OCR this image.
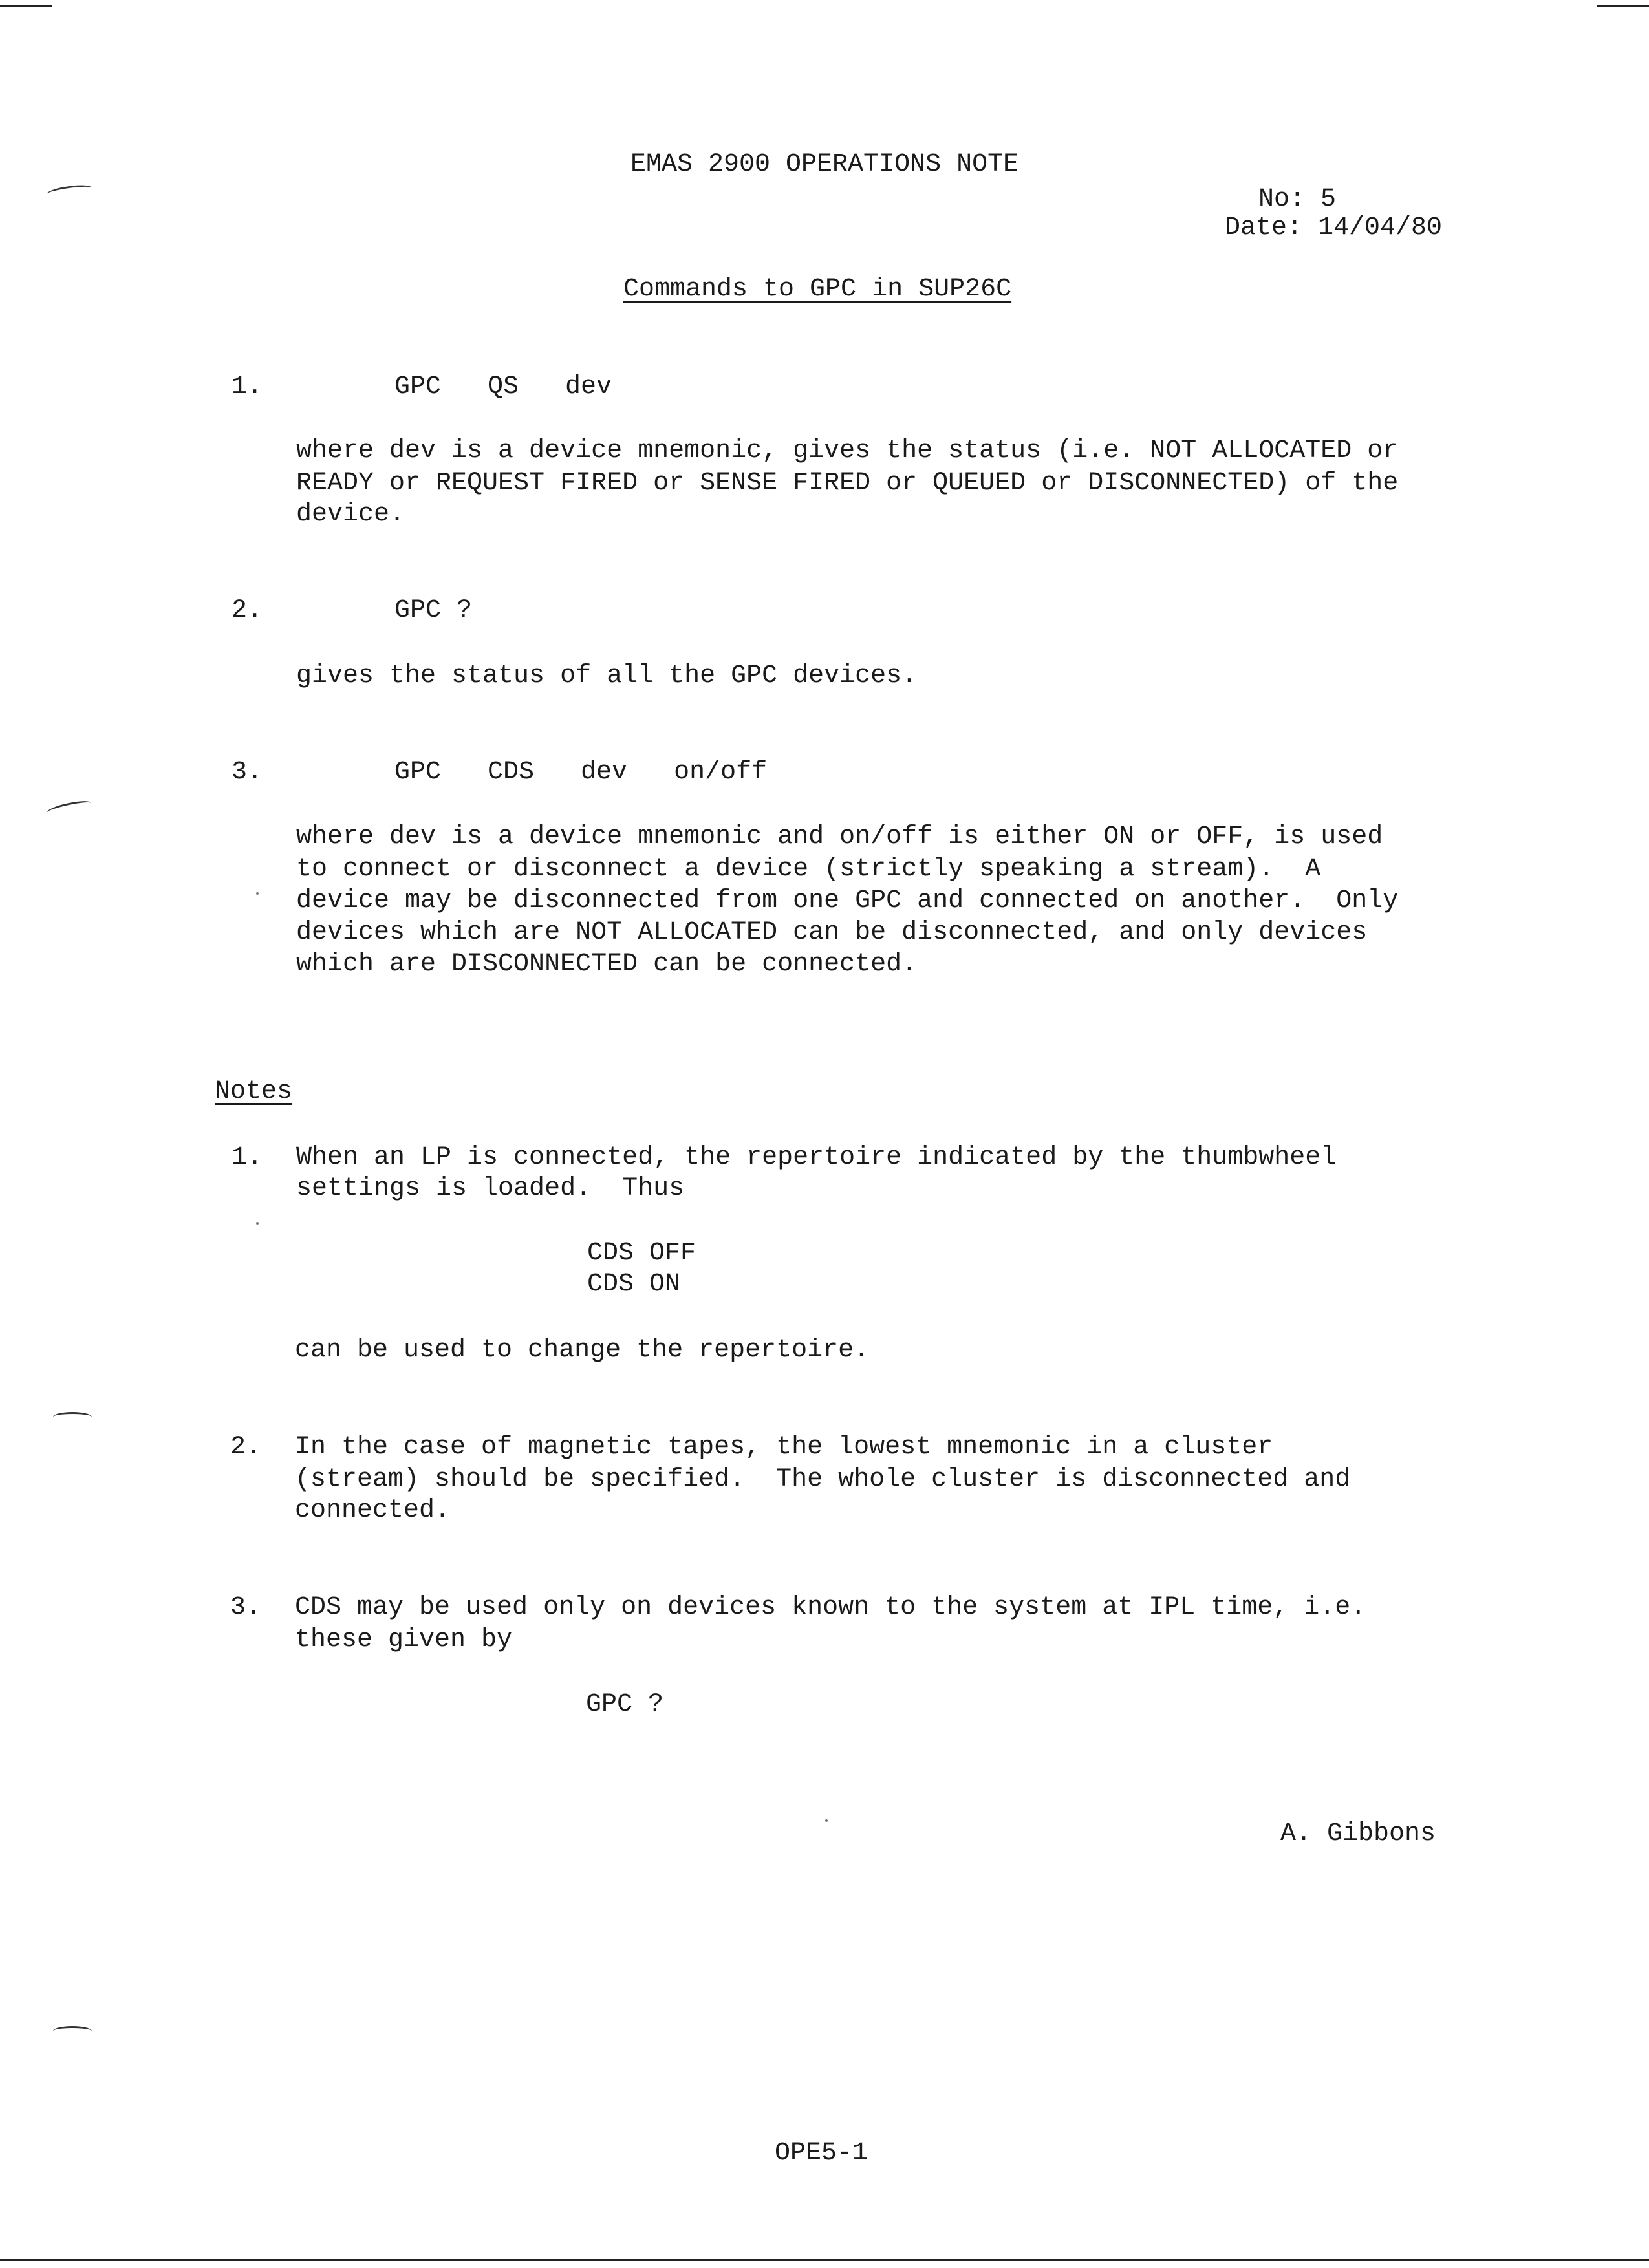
EMAS 2900 OPERATIONS NOTE
No: 5
Date: 14/04/80
Commands to GPC in SUP26C
1.	GPC   QS   dev
where dev is a device mnemonic, gives the status (i.e. NOT ALLOCATED or
READY or REQUEST FIRED or SENSE FIRED or QUEUED or DISCONNECTED) of the
device.
2.	GPC ?
gives the status of all the GPC devices.
3.	GPC   CDS   dev   on/off
where dev is a device mnemonic and on/off is either ON or OFF, is used
to connect or disconnect a device (strictly speaking a stream).  A
device may be disconnected from one GPC and connected on another.  Only
devices which are NOT ALLOCATED can be disconnected, and only devices
which are DISCONNECTED can be connected.
Notes
1. When an LP is connected, the repertoire indicated by the thumbwheel
settings is loaded.  Thus
CDS OFF
CDS ON
can be used to change the repertoire.
2. In the case of magnetic tapes, the lowest mnemonic in a cluster
(stream) should be specified.  The whole cluster is disconnected and
connected.
3. CDS may be used only on devices known to the system at IPL time, i.e.
these given by
GPC ?
A. Gibbons
OPE5-1
